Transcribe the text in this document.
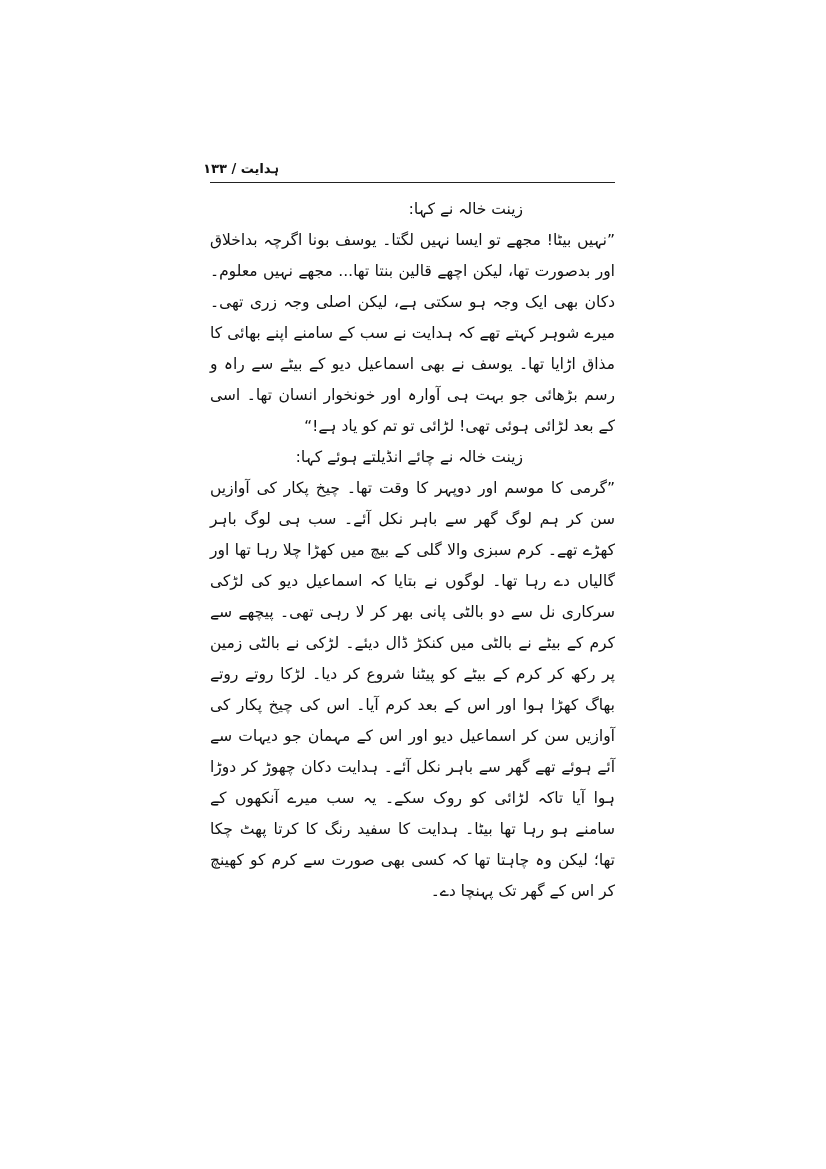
ہدایت / ۱۳۳

زینت خالہ نے کہا:

”نہیں بیٹا! مجھے تو ایسا نہیں لگتا۔ یوسف بونا اگرچہ بداخلاق اور بدصورت تھا، لیکن اچھے قالین بنتا تھا... مجھے نہیں معلوم۔ دکان بھی ایک وجہ ہو سکتی ہے، لیکن اصلی وجہ زری تھی۔ میرے شوہر کہتے تھے کہ ہدایت نے سب کے سامنے اپنے بھائی کا مذاق اڑایا تھا۔ یوسف نے بھی اسماعیل دیو کے بیٹے سے راہ و رسم بڑھائی جو بہت ہی آوارہ اور خونخوار انسان تھا۔ اسی کے بعد لڑائی ہوئی تھی! لڑائی تو تم کو یاد ہے!“

زینت خالہ نے چائے انڈیلتے ہوئے کہا:

”گرمی کا موسم اور دوپہر کا وقت تھا۔ چیخ پکار کی آوازیں سن کر ہم لوگ گھر سے باہر نکل آئے۔ سب ہی لوگ باہر کھڑے تھے۔ کرم سبزی والا گلی کے بیچ میں کھڑا چلا رہا تھا اور گالیاں دے رہا تھا۔ لوگوں نے بتایا کہ اسماعیل دیو کی لڑکی سرکاری نل سے دو بالٹی پانی بھر کر لا رہی تھی۔ پیچھے سے کرم کے بیٹے نے بالٹی میں کنکڑ ڈال دیئے۔ لڑکی نے بالٹی زمین پر رکھ کر کرم کے بیٹے کو پیٹنا شروع کر دیا۔ لڑکا روتے روتے بھاگ کھڑا ہوا اور اس کے بعد کرم آیا۔ اس کی چیخ پکار کی آوازیں سن کر اسماعیل دیو اور اس کے مہمان جو دیہات سے آئے ہوئے تھے گھر سے باہر نکل آئے۔ ہدایت دکان چھوڑ کر دوڑا ہوا آیا تاکہ لڑائی کو روک سکے۔ یہ سب میرے آنکھوں کے سامنے ہو رہا تھا بیٹا۔ ہدایت کا سفید رنگ کا کرتا پھٹ چکا تھا؛ لیکن وہ چاہتا تھا کہ کسی بھی صورت سے کرم کو کھینچ کر اس کے گھر تک پہنچا دے۔
